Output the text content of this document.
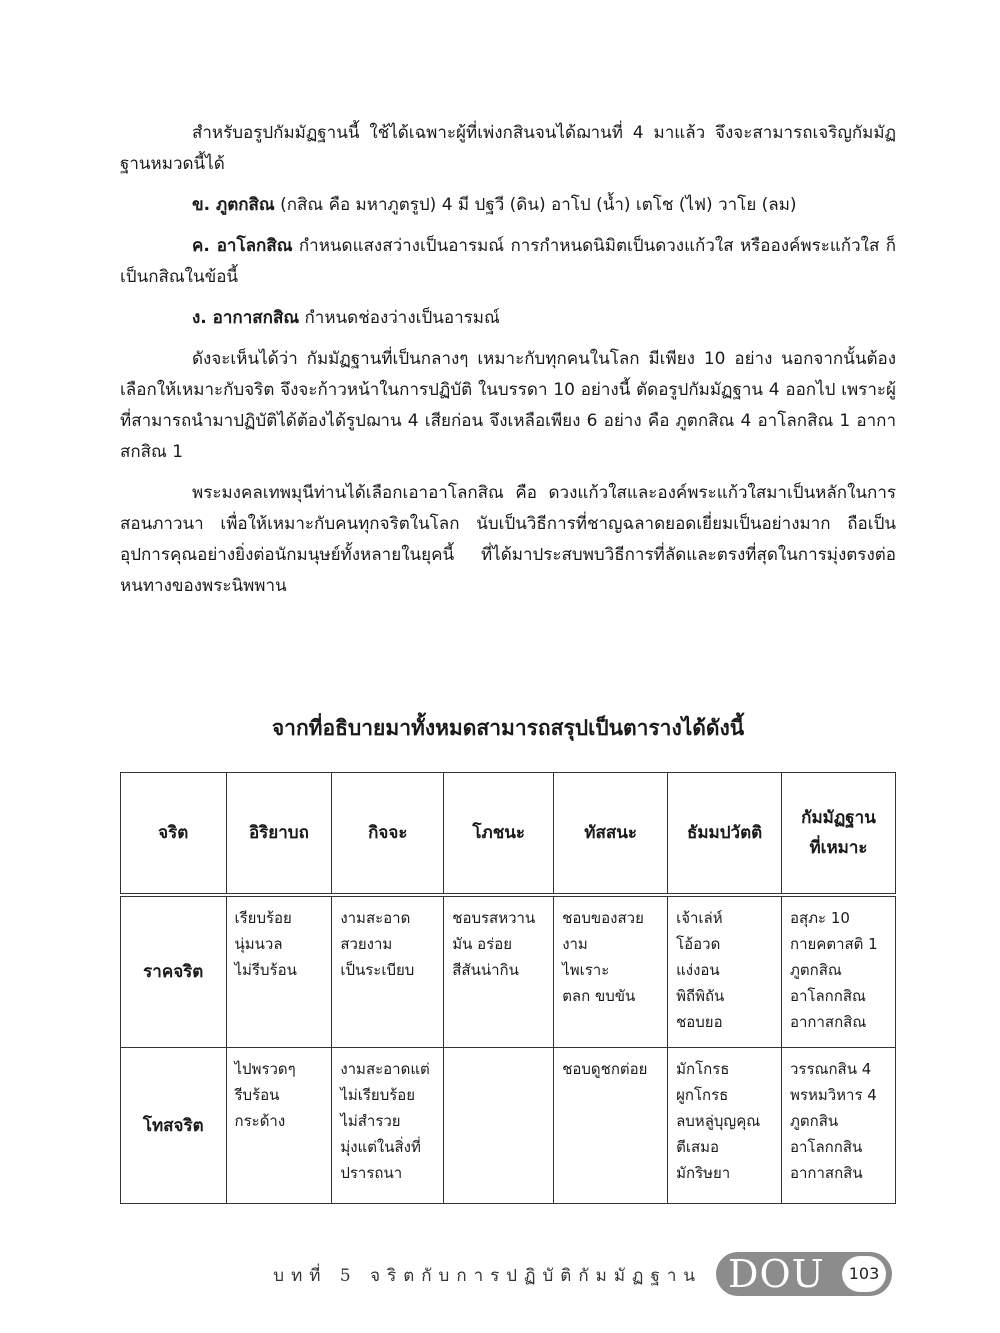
สำหรับอรูปกัมมัฏฐานนี้ ใช้ได้เฉพาะผู้ที่เพ่งกสินจนได้ฌานที่ 4 มาแล้ว จึงจะสามารถเจริญกัมมัฏฐานหมวดนี้ได้

ข. ภูตกสิณ (กสิณ คือ มหาภูตรูป) 4 มี ปฐวี (ดิน) อาโป (น้ำ) เตโช (ไฟ) วาโย (ลม)

ค. อาโลกสิณ กำหนดแสงสว่างเป็นอารมณ์ การกำหนดนิมิตเป็นดวงแก้วใส หรือองค์พระแก้วใส ก็เป็นกสิณในข้อนี้

ง. อากาสกสิณ กำหนดช่องว่างเป็นอารมณ์

ดังจะเห็นได้ว่า กัมมัฏฐานที่เป็นกลางๆ เหมาะกับทุกคนในโลก มีเพียง 10 อย่าง นอกจากนั้นต้องเลือกให้เหมาะกับจริต จึงจะก้าวหน้าในการปฏิบัติ ในบรรดา 10 อย่างนี้ ตัดอรูปกัมมัฏฐาน 4 ออกไป เพราะผู้ที่สามารถนำมาปฏิบัติได้ต้องได้รูปฌาน 4 เสียก่อน จึงเหลือเพียง 6 อย่าง คือ ภูตกสิณ 4 อาโลกสิณ 1 อากาสกสิณ 1

พระมงคลเทพมุนีท่านได้เลือกเอาอาโลกสิณ คือ ดวงแก้วใสและองค์พระแก้วใสมาเป็นหลักในการสอนภาวนา เพื่อให้เหมาะกับคนทุกจริตในโลก นับเป็นวิธีการที่ชาญฉลาดยอดเยี่ยมเป็นอย่างมาก ถือเป็นอุปการคุณอย่างยิ่งต่อนักมนุษย์ทั้งหลายในยุคนี้ ที่ได้มาประสบพบวิธีการที่ลัดและตรงที่สุดในการมุ่งตรงต่อหนทางของพระนิพพาน

จากที่อธิบายมาทั้งหมดสามารถสรุปเป็นตารางได้ดังนี้
จริต	อิริยาบถ	กิจจะ	โภชนะ	ทัสสนะ	ธัมมปวัตติ	กัมมัฏฐาน
ที่เหมาะ

ราคจริต	เรียบร้อย
นุ่มนวล
ไม่รีบร้อน	งามสะอาด
สวยงาม
เป็นระเบียบ	ชอบรสหวาน
มัน อร่อย
สีสันน่ากิน	ชอบของสวย
งาม
ไพเราะ
ตลก ขบขัน	เจ้าเล่ห์
โอ้อวด
แง่งอน
พิถีพิถัน
ชอบยอ	อสุภะ 10
กายคตาสติ 1
ภูตกสิณ
อาโลกกสิณ
อากาสกสิณ

โทสจริต	ไปพรวดๆ
รีบร้อน
กระด้าง	งามสะอาดแต่
ไม่เรียบร้อย
ไม่สำรวย
มุ่งแต่ในสิ่งที่
ปรารถนา		ชอบดูชกต่อย	มักโกรธ
ผูกโกรธ
ลบหลู่บุญคุณ
ตีเสมอ
มักริษยา	วรรณกสิน 4
พรหมวิหาร 4
ภูตกสิน
อาโลกกสิน
อากาสกสิน
บทที่ 5 จริตกับการปฏิบัติกัมมัฏฐาน DOU	103
